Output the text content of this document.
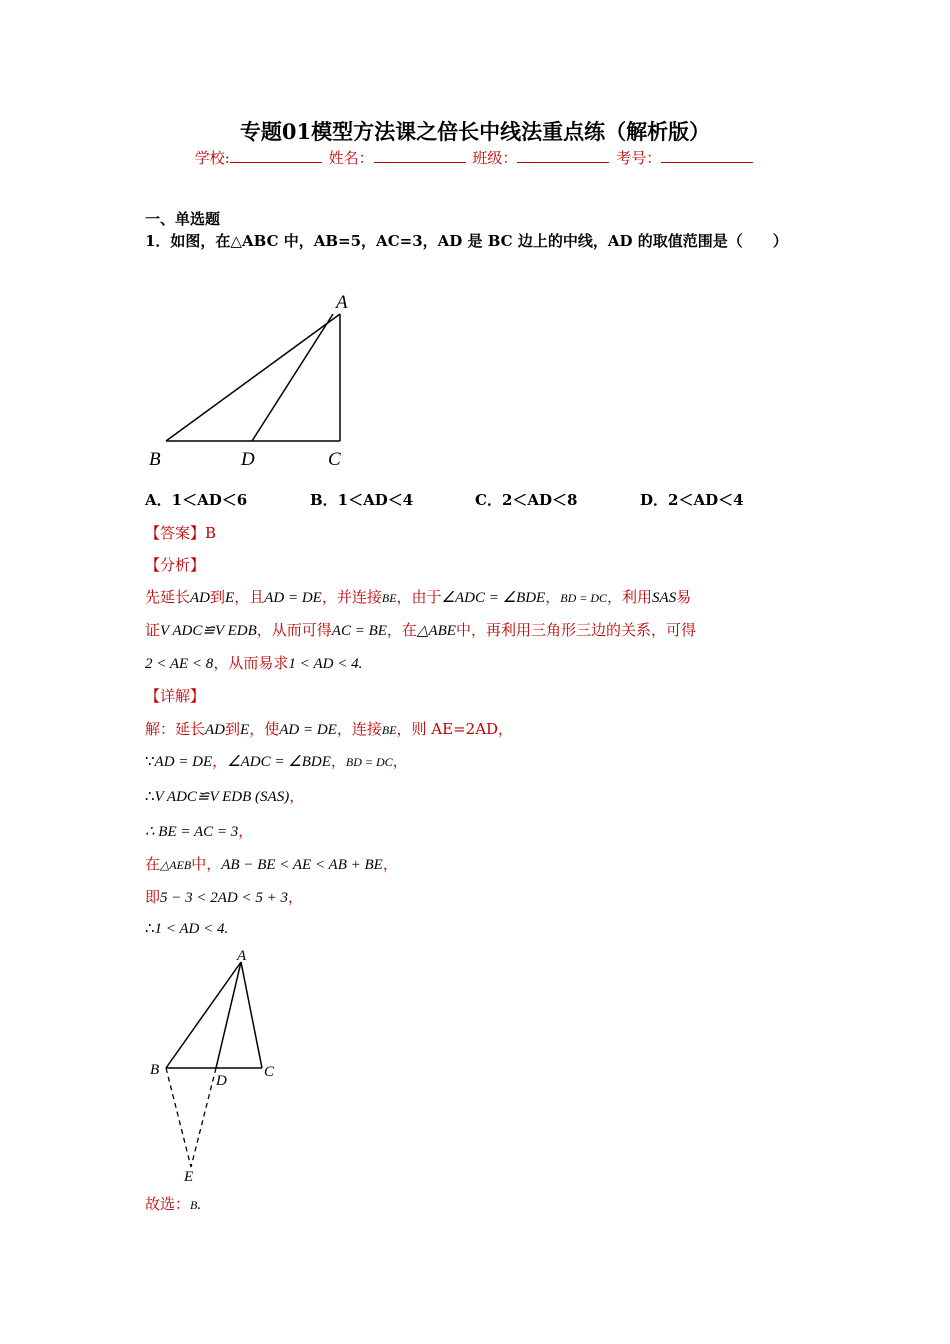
专题01模型方法课之倍长中线法重点练（解析版）
学校:	姓名：	班级：	考号：
一、单选题
1．如图，在△ABC 中，AB=5，AC=3，AD 是 BC 边上的中线，AD 的取值范围是（　　）
A
B	D	C
A．1＜AD＜6	B．1＜AD＜4	C．2＜AD＜8	D．2＜AD＜4
【答案】B
【分析】
先延长AD到E，且AD = DE，并连接BE，由于∠ADC = ∠BDE，BD = DC，利用SAS易
证V ADC≌V EDB，从而可得AC = BE，在△ABE中，再利用三角形三边的关系，可得
2 < AE < 8，从而易求1 < AD < 4.
【详解】
解：延长AD到E，使AD = DE，连接BE，则 AE=2AD，
∵AD = DE，∠ADC = ∠BDE，BD = DC，
∴V ADC≌V EDB (SAS)，
∴ BE = AC = 3，
在△AEB中，AB − BE < AE < AB + BE，
即5 − 3 < 2AD < 5 + 3，
∴1 < AD < 4.
A
B
D
C
E
故选：B.
